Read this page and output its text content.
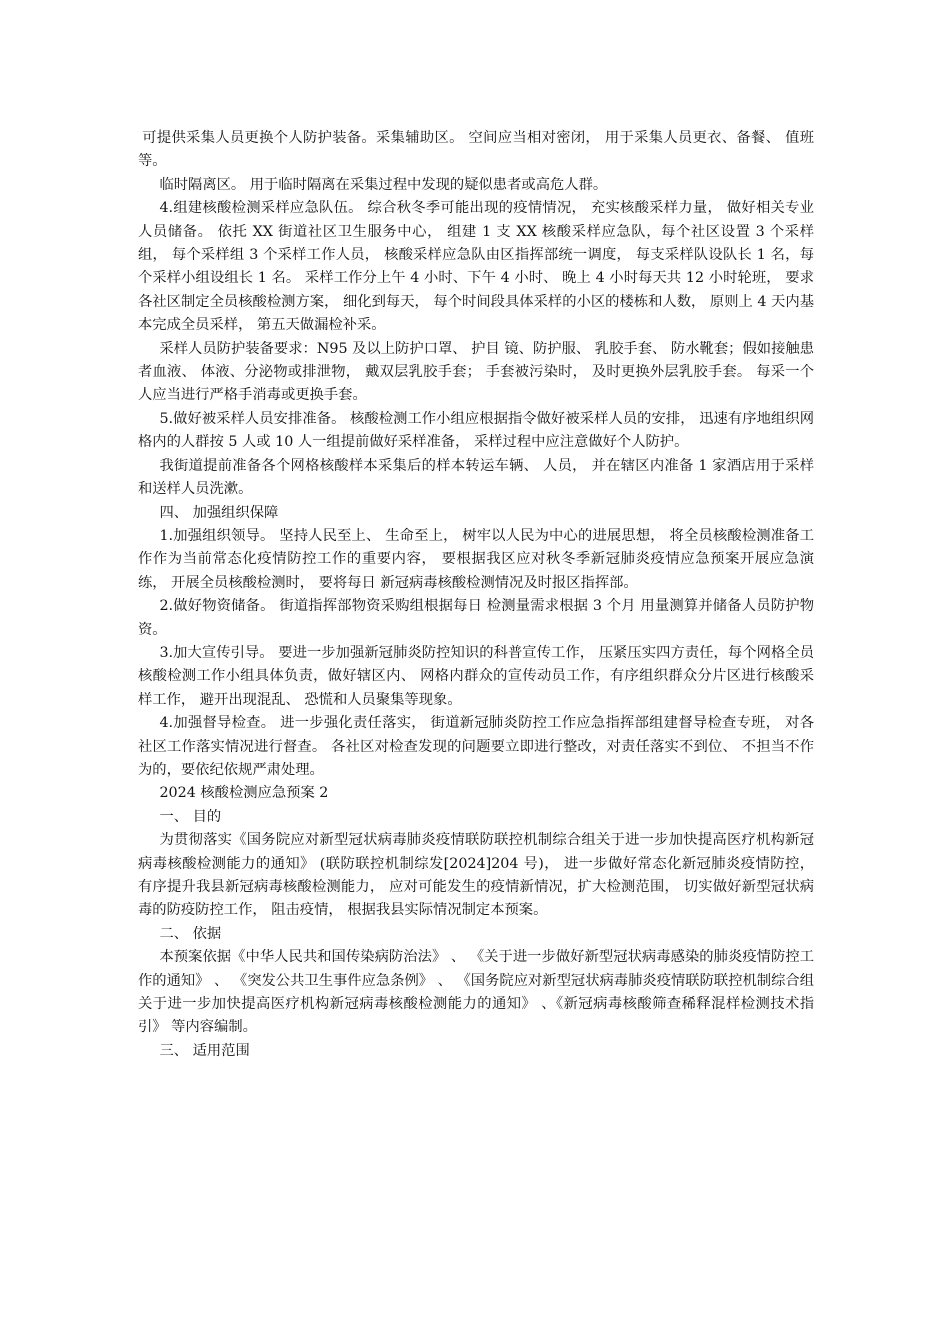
可提供采集人员更换个人防护装备。采集辅助区。 空间应当相对密闭， 用于采集人员更衣、备餐、 值班等。

临时隔离区。 用于临时隔离在采集过程中发现的疑似患者或高危人群。

4.组建核酸检测采样应急队伍。 综合秋冬季可能出现的疫情情况， 充实核酸采样力量， 做好相关专业人员储备。 依托 XX 街道社区卫生服务中心， 组建 1 支 XX 核酸采样应急队，每个社区设置 3 个采样组， 每个采样组 3 个采样工作人员， 核酸采样应急队由区指挥部统一调度， 每支采样队设队长 1 名，每个采样小组设组长 1 名。 采样工作分上午 4 小时、下午 4 小时、 晚上 4 小时每天共 12 小时轮班， 要求各社区制定全员核酸检测方案， 细化到每天， 每个时间段具体采样的小区的楼栋和人数， 原则上 4 天内基本完成全员采样， 第五天做漏检补采。

采样人员防护装备要求：N95 及以上防护口罩、 护目 镜、防护服、 乳胶手套、 防水靴套；假如接触患者血液、 体液、分泌物或排泄物， 戴双层乳胶手套； 手套被污染时， 及时更换外层乳胶手套。 每采一个人应当进行严格手消毒或更换手套。

5.做好被采样人员安排准备。 核酸检测工作小组应根据指令做好被采样人员的安排， 迅速有序地组织网格内的人群按 5 人或 10 人一组提前做好采样准备， 采样过程中应注意做好个人防护。

我街道提前准备各个网格核酸样本采集后的样本转运车辆、 人员， 并在辖区内准备 1 家酒店用于采样和送样人员洗漱。

四、 加强组织保障

1.加强组织领导。 坚持人民至上、 生命至上， 树牢以人民为中心的进展思想， 将全员核酸检测准备工作作为当前常态化疫情防控工作的重要内容， 要根据我区应对秋冬季新冠肺炎疫情应急预案开展应急演练， 开展全员核酸检测时， 要将每日 新冠病毒核酸检测情况及时报区指挥部。

2.做好物资储备。 街道指挥部物资采购组根据每日 检测量需求根据 3 个月 用量测算并储备人员防护物资。

3.加大宣传引导。 要进一步加强新冠肺炎防控知识的科普宣传工作， 压紧压实四方责任，每个网格全员核酸检测工作小组具体负责，做好辖区内、 网格内群众的宣传动员工作，有序组织群众分片区进行核酸采样工作， 避开出现混乱、 恐慌和人员聚集等现象。

4.加强督导检查。 进一步强化责任落实， 街道新冠肺炎防控工作应急指挥部组建督导检查专班， 对各社区工作落实情况进行督查。 各社区对检查发现的问题要立即进行整改，对责任落实不到位、 不担当不作为的，要依纪依规严肃处理。

2024 核酸检测应急预案 2

一、 目的

为贯彻落实《国务院应对新型冠状病毒肺炎疫情联防联控机制综合组关于进一步加快提高医疗机构新冠病毒核酸检测能力的通知》 (联防联控机制综发[2024]204 号)， 进一步做好常态化新冠肺炎疫情防控， 有序提升我县新冠病毒核酸检测能力， 应对可能发生的疫情新情况，扩大检测范围， 切实做好新型冠状病毒的防疫防控工作， 阻击疫情， 根据我县实际情况制定本预案。

二、 依据

本预案依据《中华人民共和国传染病防治法》 、 《关于进一步做好新型冠状病毒感染的肺炎疫情防控工作的通知》 、 《突发公共卫生事件应急条例》 、 《国务院应对新型冠状病毒肺炎疫情联防联控机制综合组关于进一步加快提高医疗机构新冠病毒核酸检测能力的通知》 、《新冠病毒核酸筛查稀释混样检测技术指引》 等内容编制。

三、 适用范围
